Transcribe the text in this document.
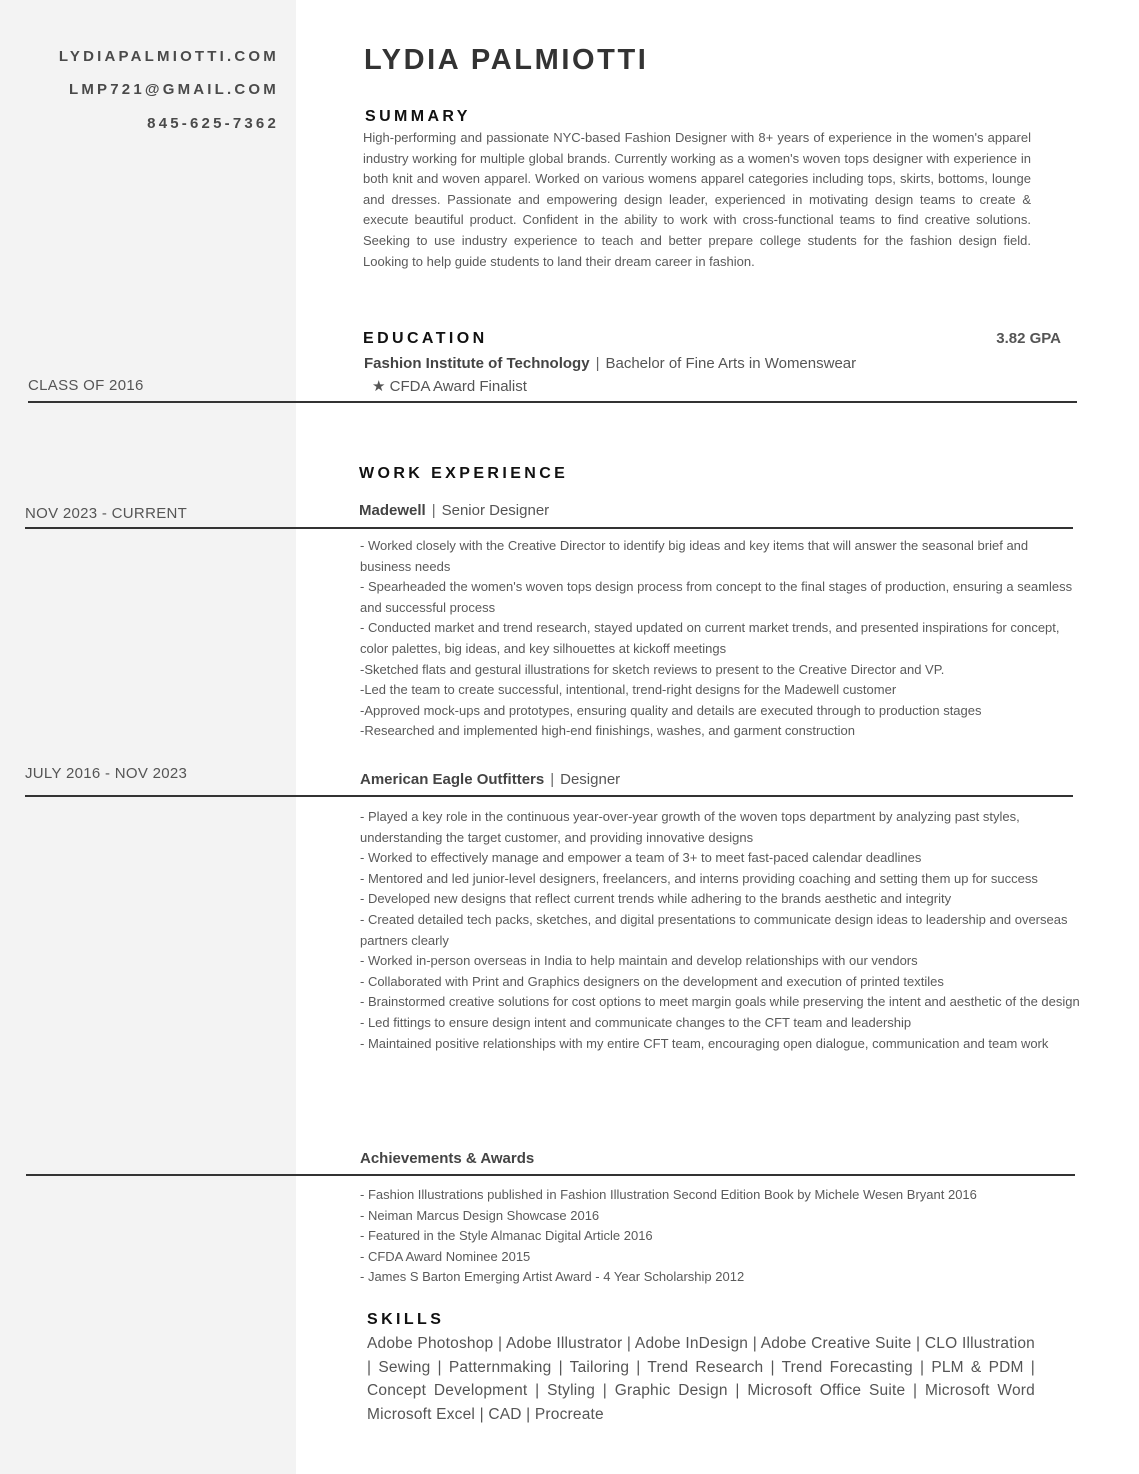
LYDIAPALMIOTTI.COM
LMP721@GMAIL.COM
845-625-7362
LYDIA PALMIOTTI
SUMMARY
High-performing and passionate NYC-based Fashion Designer with 8+ years of experience in the women's apparel industry working for multiple global brands. Currently working as a women's woven tops designer with experience in both knit and woven apparel. Worked on various womens apparel categories including tops, skirts, bottoms, lounge and dresses. Passionate and empowering design leader, experienced in motivating design teams to create & execute beautiful product. Confident in the ability to work with cross-functional teams to find creative solutions. Seeking to use industry experience to teach and better prepare college students for the fashion design field. Looking to help guide students to land their dream career in fashion.
EDUCATION	3.82 GPA
Fashion Institute of Technology | Bachelor of Fine Arts in Womenswear
★ CFDA Award Finalist
CLASS OF 2016
WORK EXPERIENCE
NOV 2023 - CURRENT	Madewell | Senior Designer
- Worked closely with the Creative Director to identify big ideas and key items that will answer the seasonal brief and business needs
- Spearheaded the women's woven tops design process from concept to the final stages of production, ensuring a seamless and successful process
- Conducted market and trend research, stayed updated on current market trends, and presented inspirations for concept, color palettes, big ideas, and key silhouettes at kickoff meetings
-Sketched flats and gestural illustrations for sketch reviews to present to the Creative Director and VP.
-Led the team to create successful, intentional, trend-right designs for the Madewell customer
-Approved mock-ups and prototypes, ensuring quality and details are executed through to production stages
-Researched and implemented high-end finishings, washes, and garment construction
JULY 2016 - NOV 2023	American Eagle Outfitters | Designer
- Played a key role in the continuous year-over-year growth of the woven tops department by analyzing past styles, understanding the target customer, and providing innovative designs
- Worked to effectively manage and empower a team of 3+ to meet fast-paced calendar deadlines
- Mentored and led junior-level designers, freelancers, and interns providing coaching and setting them up for success
- Developed new designs that reflect current trends while adhering to the brands aesthetic and integrity
- Created detailed tech packs, sketches, and digital presentations to communicate design ideas to leadership and overseas partners clearly
- Worked in-person overseas in India to help maintain and develop relationships with our vendors
- Collaborated with Print and Graphics designers on the development and execution of printed textiles
- Brainstormed creative solutions for cost options to meet margin goals while preserving the intent and aesthetic of the design
- Led fittings to ensure design intent and communicate changes to the CFT team and leadership
- Maintained positive relationships with my entire CFT team, encouraging open dialogue, communication and team work
Achievements & Awards
- Fashion Illustrations published in Fashion Illustration Second Edition Book by Michele Wesen Bryant 2016
- Neiman Marcus Design Showcase 2016
- Featured in the Style Almanac Digital Article 2016
- CFDA Award Nominee 2015
- James S Barton Emerging Artist Award - 4 Year Scholarship 2012
SKILLS
Adobe Photoshop | Adobe Illustrator | Adobe InDesign | Adobe Creative Suite | CLO Illustration | Sewing | Patternmaking | Tailoring | Trend Research | Trend Forecasting | PLM & PDM | Concept Development | Styling | Graphic Design | Microsoft Office Suite | Microsoft Word Microsoft Excel | CAD | Procreate
